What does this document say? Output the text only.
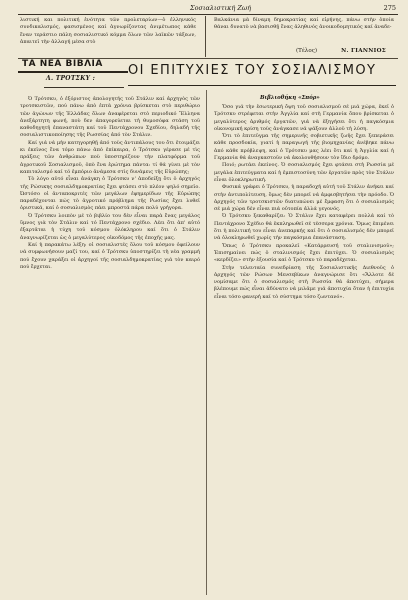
Σοσιαλιστική Ζωή	275
λιστική και πολιτική ἑνότητα τῶν προλεταρίων—ὁ ἑλληνικός συνδικαλισμός, φασισμένος καί ἀγνωρίζοντας ἀνιμέτωπος κάθε ἕναν τεράστιο πάλη σοσιαλιστικό κόμμα ὅλων τῶν λαϊκῶν τάξεων, ἀπαιτεῖ τὴν ἀλλαγή μέσα στὸ
Βαλκάνια μὰ δίναμη δημοκρατίας καί εἰρήνης, πάνω στὴν ὁποία θάναι δυνατὸ νὰ βασισθῇ ἕνας ἀληθινός ἀνοικοδομητικός καί ἀναδε-
(Τέλος)	Ν. ΓΙΑΝΝΙΟΣ
ΤΑ ΝΕΑ ΒΙΒΛΙΑ
Λ. ΤΡΟΤΣΚΥ :
ΟΙ ΕΠΙΤΥΧΙΕΣ ΤΟΥ ΣΟΣΙΑΛΙΣΜΟΥ
Βιβλιοθήκη «Σπόρ»

Ὁ Τρότσκυ, ὁ ἐξόριστος ἀπολογητής τοῦ Στάλιν καί ἀρχηγὸς τῶν τροτσκιστῶν, πού πάνω ἀπὸ ἑπτὰ χρόνια βρίσκεται στὸ περιθώριο τῶν ἀγώνων τῆς Ἑλλάδας ὅλων ἀναφέρεται στὸ περιοδικό Ἕλληνα ἀνεξάρτητη φωνή, ποὺ δεν ἀπαγορεύεται τὴ θυμοσόφα στάση τοῦ καθοδηγητῆ ἐπαναστάτη καί τοῦ Πεντάχρονου Σχεδίου, δηλαδή τῆς σοσιαλιστικοποίησης τῆς Ρωσσίας ἀπό τὸν Στάλιν.

Καί γιά νά μὴν κατηγορηθῇ ἀπό τοὺς ἀντιπάλους του ὅτι ἑτοιμάζει κι ἐκεῖνος ἕνα τόμο πάνω ἀπό ἐπίκαιρα, ὁ Τρότσκυ γέρασε μέ τὶς πράξεις τῶν ἀνθρώπων ποὺ ὑποστηρίζουν τὴν πλατφόρμα τοῦ ἀγροτικοῦ Σοσιαλισμοῦ, ὁπὸ ἔνα ἐρώτημα πάντα: τί θά γίνει μὲ τὸν καπιταλισμό καί τό ἐμπόριο ἀνάμεσα στὶς δυνάμεις τῆς Εὐρώπης;

Τὸ λόγο αὐτό εἶναι ἀνάγκη ὁ Τρότσκυ ν' ἀποδείξῃ ὅτι ὁ ἀρχηγός τῆς Ρώσικης σοσιαλδημοκρατίας ἔχει φτάσει στὸ πλέον ψηλό σημεῖο. Ὡστόσο οἱ ἀνταποκριτές τῶν μεγάλων ἐφημερίδων τῆς Εὐρώπης παραδέχονται πώς τὸ ἀγροτικό πρόβλημα τῆς Ρωσίας ἔχει λυθεῖ ὁριστικά, καί ὁ σοσιαλισμὸς πάει μπροστά πάρα πολύ γρήγορα.

Ὁ Τρότσκυ λοιπὸν μέ τὸ βιβλίο του δὲν εἶναι παρὰ ἕνας μεγάλος ὕμνος γιὰ τὸν Στάλιν καί τό Πεντάχρονο σχέδιο. Λέει ὅτι ἀπ' αὐτό ἐξαρτᾶται ἡ τύχη τοῦ κόσμου ὁλόκληρου καί ὅτι ὁ Στάλιν ἀναγνωρίζεται ὡς ὁ μεγαλύτερος οἰκοδόμος τῆς ἐποχῆς μας.

Καί ἡ παρακάτω λέξη: οἱ σοσιαλιστές ὅλου τοῦ κόσμου ὀφείλουν νά συμφωνήσουν μαζί του, καί ὁ Τρότσκυ ὑποστηρίζει τὴ νέα γραμμή πού ἔχουν χαράξει οἱ ἀρχηγοί τῆς σοσιαλδημοκρατίας γιά τὸν καιρό πού ἔρχεται.

Ὅσο γιά τὴν ἐσωτερική ὄψη τοῦ σοσιαλισμοῦ σέ μιά χώρα, ἐκεῖ ὁ Τρότσκυ στρέφεται στὴν Ἀγγλία καί στὴ Γερμανία ὅπου βρίσκεται ὁ μεγαλύτερος ἀριθμός ἐργατῶν, γιά νὰ ἐξηγήσει ὅτι ἡ παγκόσμια οἰκονομική κρίση τοὺς ἀνάγκασε νά ψάξουν ἀλλοῦ τὴ λύση.

Ὅτι τὸ ἐπιτεῦγμα τῆς σημερινῆς σοβιετικῆς ζωῆς ἔχει ξεπεράσει κάθε προσδοκία, γιατί ἡ παραγωγή τῆς βιομηχανίας ἀνέβηκε πάνω ἀπό κάθε πρόβλεψη, καί ὁ Τρότσκυ μας λέει ὅτι καί ἡ Ἀγγλία καί ἡ Γερμανία θά ἀναγκαστοῦν νά ἀκολουθήσουν τὸν ἴδιο δρόμο.

Ποιό; ρωτάει ἐκείνος. Ὁ σοσιαλισμός ἔχει φτάσει στὴ Ρωσσία μέ μεγάλα ἐπιτεύγματα καί ἡ ἐμπιστοσύνη τῶν ἐργατῶν πρὸς τὸν Στάλιν εἶναι ὁλοκληρωτική.

Φυσικά γράφει ὁ Τρότσκυ, ἡ παραδοχή αὐτή τοῦ Στάλιν ἀνήκει καί στὴν ἀντιπολίτευση, ὅμως δὲν μπορεῖ νά ἀμφισβητήσει τὴν πρόοδο. Ὁ ἀρχηγός τῶν τροτσκιστῶν διατυπώνει μέ ἔμφαση ὅτι ὁ σοσιαλισμός σέ μιά χώρα δέν εἶναι πιά οὐτοπία ἀλλά γεγονός.

Ὁ Τρότσκυ ξεκαθαρίζει: Ὁ Στάλιν ἔχει καταφέρει πολλά καί τὸ Πεντάχρονο Σχέδιο θά ἐκπληρωθεῖ σέ τέσσερα χρόνια. Ὅμως ἐπιμένει ὅτι ἡ πολιτική του εἶναι ἀνεπαρκής καί ὅτι ὁ σοσιαλισμός δέν μπορεῖ νά ὁλοκληρωθεῖ χωρίς τὴν παγκόσμια ἐπανάσταση.

Ὅπως ὁ Τρότσκυ προκαλεῖ «Κατάρρευσή τοῦ σταλινισμοῦ»; Ἐπισημαίνει πώς ὁ σταλινισμός ἔχει ἐπιτύχει. Ὁ σοσιαλισμὸς «κερδίζει» στὴν ἐξουσία καί ὁ Τρότσκυ τὸ παραδέχεται.

Στὴν τελευταία συνεδρίαση τῆς Σοσιαλιστικῆς Διεθνοῦς ὁ ἀρχηγός τῶν Ρώσων Μενσεβίκων ἀναγνώρισε ὅτι «Ἄλλοτε δέ νομίσαμε ὅτι ὁ σοσιαλισμός στὴ Ρωσσία θά ἀποτύχει, σήμερα βλέπουμε πώς εἶναι ἀδύνατο νά μιλᾶμε γιά ἀποτυχία ὅταν ἡ ἐπιτυχία εἶναι τόσο φανερή καί τὸ σύστημα τόσο ζωντανό».
